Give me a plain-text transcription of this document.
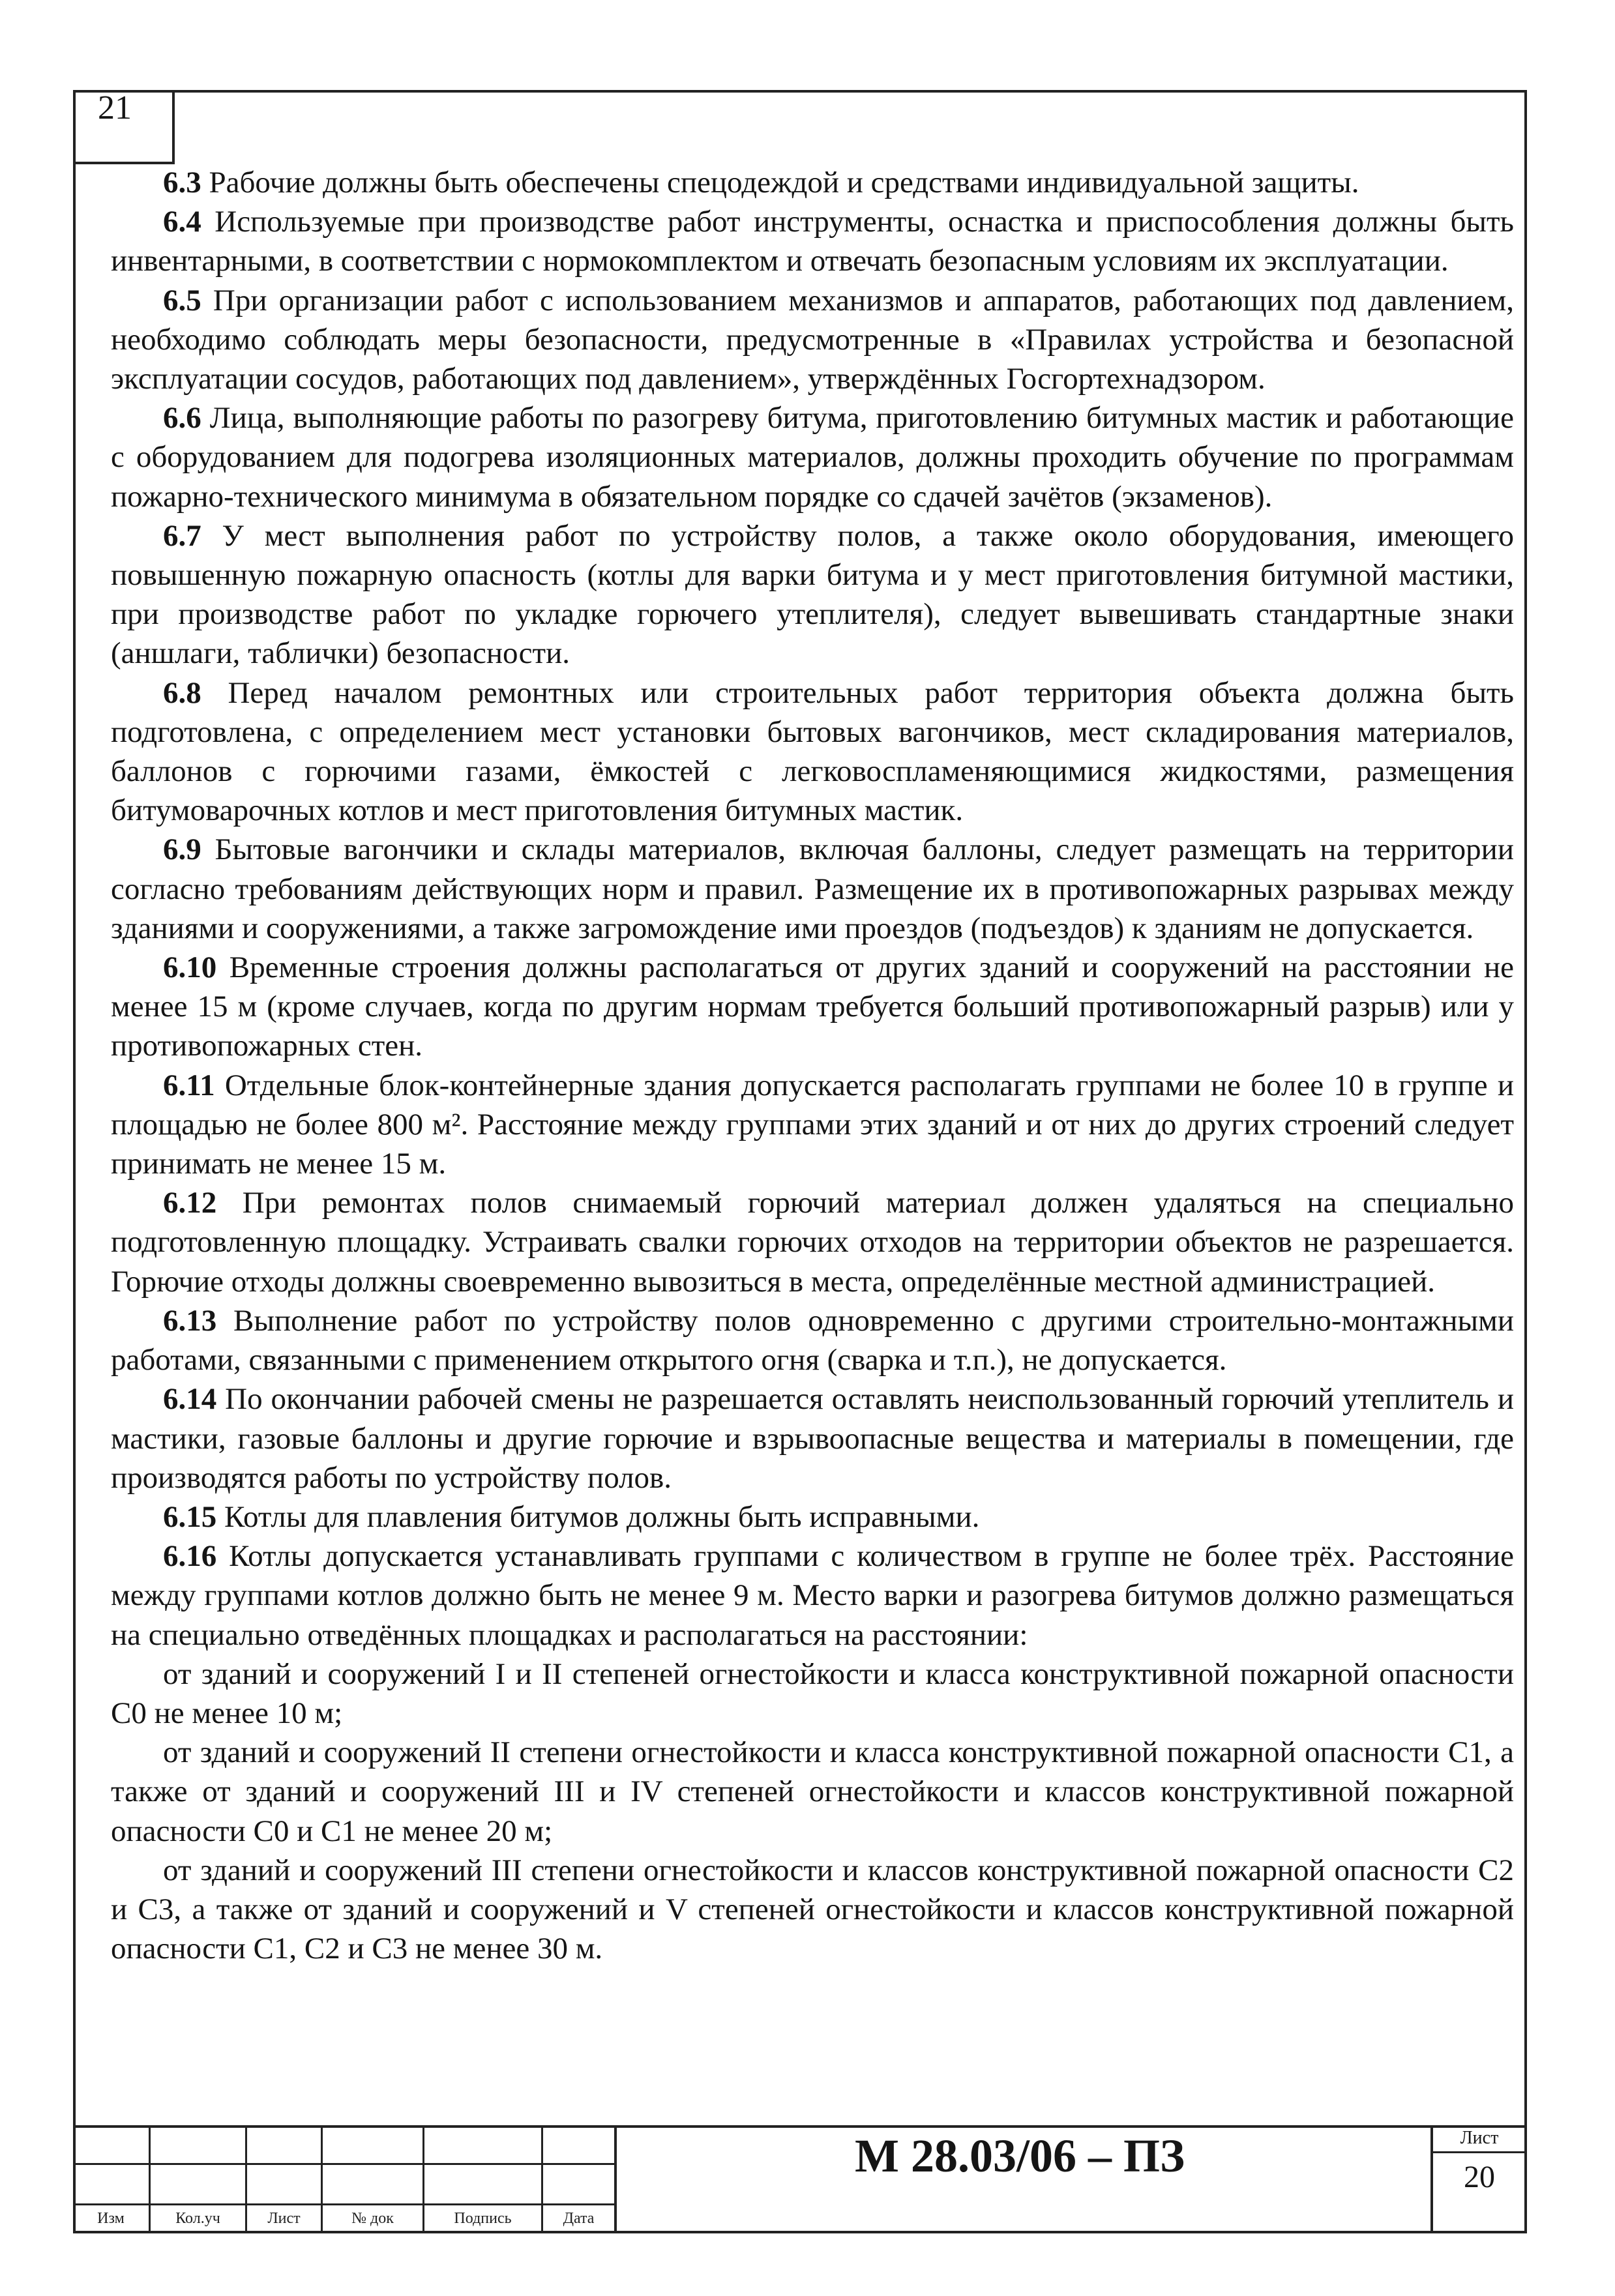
21

6.3 Рабочие должны быть обеспечены спецодеждой и средствами индивидуальной защиты.

6.4 Используемые при производстве работ инструменты, оснастка и приспособления должны быть инвентарными, в соответствии с нормокомплектом и отвечать безопасным условиям их эксплуатации.

6.5 При организации работ с использованием механизмов и аппаратов, работающих под давлением, необходимо соблюдать меры безопасности, предусмотренные в «Правилах устройства и безопасной эксплуатации сосудов, работающих под давлением», утверждённых Госгортехнадзором.

6.6 Лица, выполняющие работы по разогреву битума, приготовлению битумных мастик и работающие с оборудованием для подогрева изоляционных материалов, должны проходить обучение по программам пожарно-технического минимума в обязательном порядке со сдачей зачётов (экзаменов).

6.7 У мест выполнения работ по устройству полов, а также около оборудования, имеющего повышенную пожарную опасность (котлы для варки битума и у мест приготовления битумной мастики, при производстве работ по укладке горючего утеплителя), следует вывешивать стандартные знаки (аншлаги, таблички) безопасности.

6.8 Перед началом ремонтных или строительных работ территория объекта должна быть подготовлена, с определением мест установки бытовых вагончиков, мест складирования материалов, баллонов с горючими газами, ёмкостей с легковоспламеняющимися жидкостями, размещения битумоварочных котлов и мест приготовления битумных мастик.

6.9 Бытовые вагончики и склады материалов, включая баллоны, следует размещать на территории согласно требованиям действующих норм и правил. Размещение их в противопожарных разрывах между зданиями и сооружениями, а также загромождение ими проездов (подъездов) к зданиям не допускается.

6.10 Временные строения должны располагаться от других зданий и сооружений на расстоянии не менее 15 м (кроме случаев, когда по другим нормам требуется больший противопожарный разрыв) или у противопожарных стен.

6.11 Отдельные блок-контейнерные здания допускается располагать группами не более 10 в группе и площадью не более 800 м². Расстояние между группами этих зданий и от них до других строений следует принимать не менее 15 м.

6.12 При ремонтах полов снимаемый горючий материал должен удаляться на специально подготовленную площадку. Устраивать свалки горючих отходов на территории объектов не разрешается. Горючие отходы должны своевременно вывозиться в места, определённые местной администрацией.

6.13 Выполнение работ по устройству полов одновременно с другими строительно-монтажными работами, связанными с применением открытого огня (сварка и т.п.), не допускается.

6.14 По окончании рабочей смены не разрешается оставлять неиспользованный горючий утеплитель и мастики, газовые баллоны и другие горючие и взрывоопасные вещества и материалы в помещении, где производятся работы по устройству полов.

6.15 Котлы для плавления битумов должны быть исправными.

6.16 Котлы допускается устанавливать группами с количеством в группе не более трёх. Расстояние между группами котлов должно быть не менее 9 м. Место варки и разогрева битумов должно размещаться на специально отведённых площадках и располагаться на расстоянии:

от зданий и сооружений I и II степеней огнестойкости и класса конструктивной пожарной опасности С0 не менее 10 м;

от зданий и сооружений II степени огнестойкости и класса конструктивной пожарной опасности С1, а также от зданий и сооружений III и IV степеней огнестойкости и классов конструктивной пожарной опасности С0 и С1 не менее 20 м;

от зданий и сооружений III степени огнестойкости и классов конструктивной пожарной опасности С2 и С3, а также от зданий и сооружений и V степеней огнестойкости и классов конструктивной пожарной опасности С1, С2 и С3 не менее 30 м.

Изм	Кол.уч	Лист	№ док	Подпись	Дата
М 28.03/06 – ПЗ	Лист
20
